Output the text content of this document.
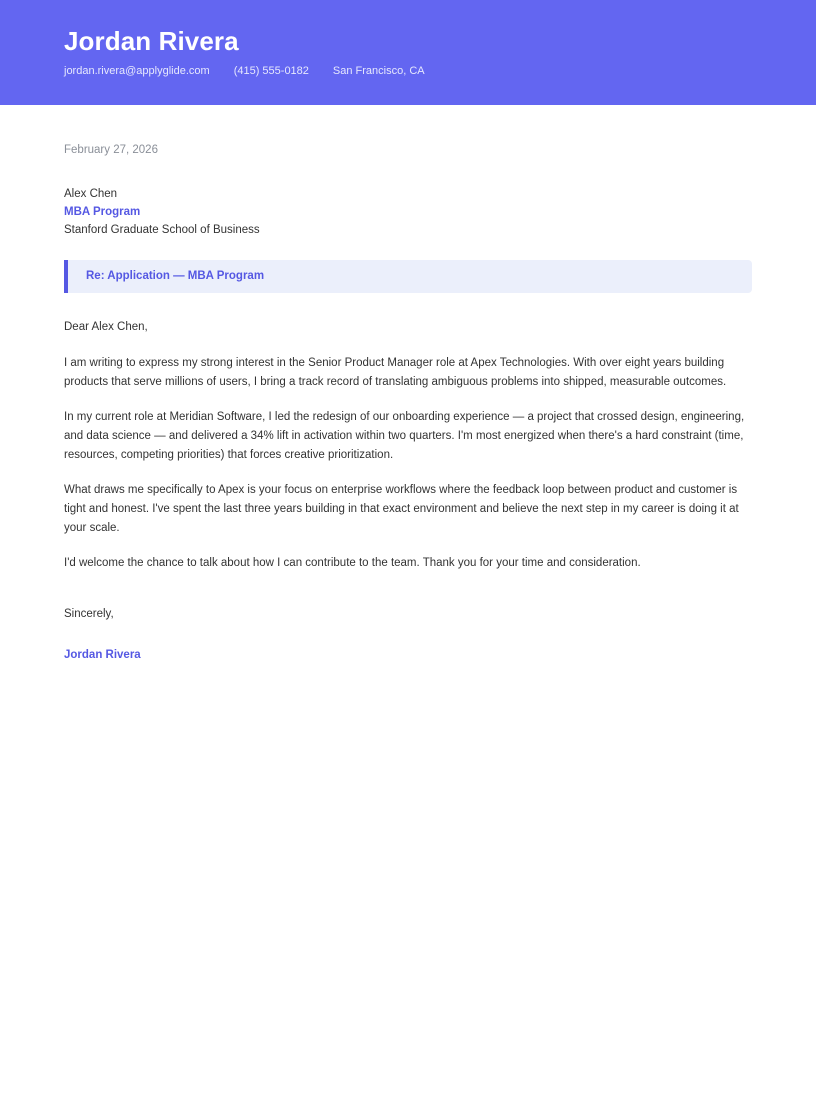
Jordan Rivera
jordan.rivera@applyglide.com (415) 555-0182 San Francisco, CA
February 27, 2026
Alex Chen
MBA Program
Stanford Graduate School of Business
Re: Application — MBA Program
Dear Alex Chen,

I am writing to express my strong interest in the Senior Product Manager role at Apex Technologies. With over eight years building products that serve millions of users, I bring a track record of translating ambiguous problems into shipped, measurable outcomes.

In my current role at Meridian Software, I led the redesign of our onboarding experience — a project that crossed design, engineering, and data science — and delivered a 34% lift in activation within two quarters. I'm most energized when there's a hard constraint (time, resources, competing priorities) that forces creative prioritization.

What draws me specifically to Apex is your focus on enterprise workflows where the feedback loop between product and customer is tight and honest. I've spent the last three years building in that exact environment and believe the next step in my career is doing it at your scale.

I'd welcome the chance to talk about how I can contribute to the team. Thank you for your time and consideration.

Sincerely,
Jordan Rivera
